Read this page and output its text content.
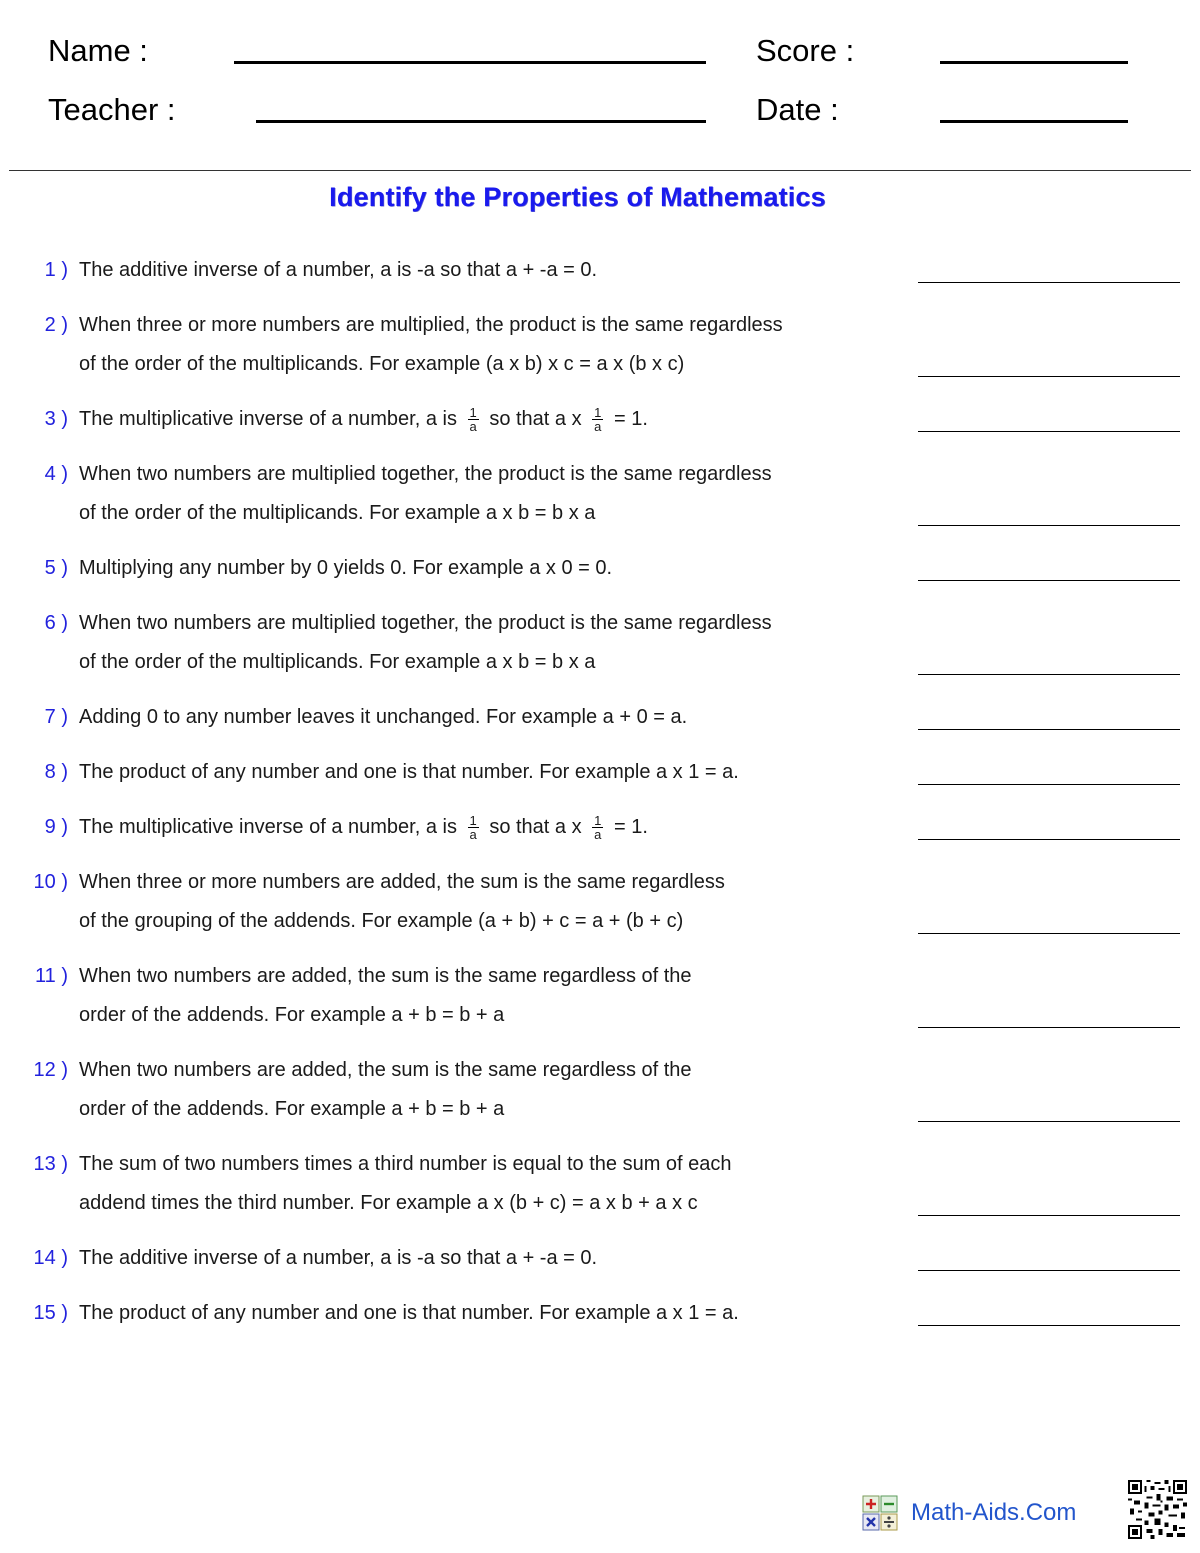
Name :	Score :
Teacher :	Date :
Identify the Properties of Mathematics
1 ) The additive inverse of a number, a is -a so that a + -a = 0.
2 ) When three or more numbers are multiplied, the product is the same regardless
of the order of the multiplicands. For example (a x b) x c = a x (b x c)
3 ) The multiplicative inverse of a number, a is $\frac{1}{a}$ so that a x $\frac{1}{a} = 1$.
4 ) When two numbers are multiplied together, the product is the same regardless
of the order of the multiplicands. For example a x b = b x a
5 ) Multiplying any number by 0 yields 0. For example a x 0 = 0.
6 ) When two numbers are multiplied together, the product is the same regardless
of the order of the multiplicands. For example a x b = b x a
7 ) Adding 0 to any number leaves it unchanged. For example a + 0 = a.
8 ) The product of any number and one is that number. For example a x 1 = a.
9 ) The multiplicative inverse of a number, a is $\frac{1}{a}$ so that a x $\frac{1}{a} = 1$.
10 ) When three or more numbers are added, the sum is the same regardless
of the grouping of the addends. For example (a + b) + c = a + (b + c)
11 ) When two numbers are added, the sum is the same regardless of the
order of the addends. For example a + b = b + a
12 ) When two numbers are added, the sum is the same regardless of the
order of the addends. For example a + b = b + a
13 ) The sum of two numbers times a third number is equal to the sum of each
addend times the third number. For example a x (b + c) = a x b + a x c
14 ) The additive inverse of a number, a is -a so that a + -a = 0.
15 ) The product of any number and one is that number. For example a x 1 = a.
Math-Aids.Com
